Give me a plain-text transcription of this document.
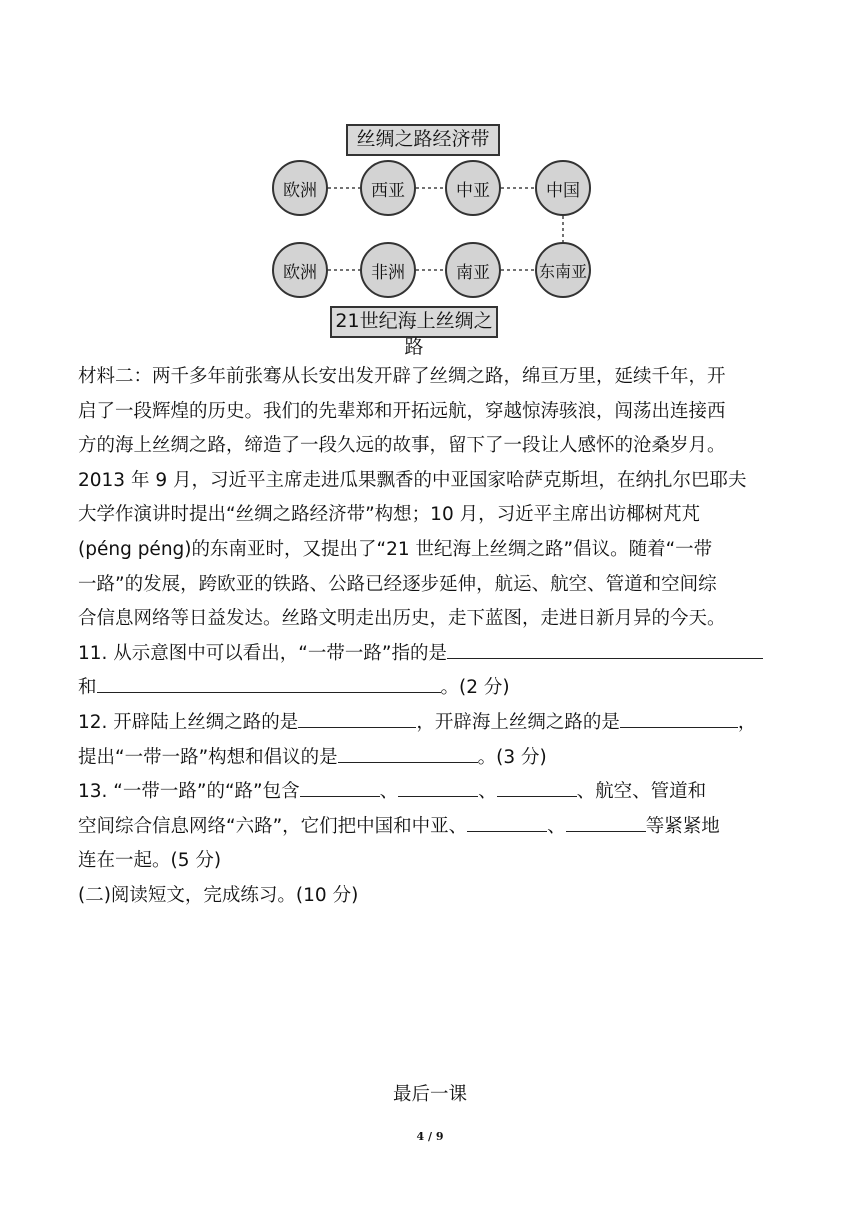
丝绸之路经济带
欧洲	西亚	中亚	中国
欧洲	非洲	南亚	东南亚
21世纪海上丝绸之路

材料二：两千多年前张骞从长安出发开辟了丝绸之路，绵亘万里，延续千年，开
启了一段辉煌的历史。我们的先辈郑和开拓远航，穿越惊涛骇浪，闯荡出连接西
方的海上丝绸之路，缔造了一段久远的故事，留下了一段让人感怀的沧桑岁月。
2013 年 9 月，习近平主席走进瓜果飘香的中亚国家哈萨克斯坦，在纳扎尔巴耶夫
大学作演讲时提出“丝绸之路经济带”构想；10 月，习近平主席出访椰树芃芃
(péng péng)的东南亚时，又提出了“21 世纪海上丝绸之路”倡议。随着“一带
一路”的发展，跨欧亚的铁路、公路已经逐步延伸，航运、航空、管道和空间综
合信息网络等日益发达。丝路文明走出历史，走下蓝图，走进日新月异的今天。

11. 从示意图中可以看出，“一带一路”指的是
和	。(2 分)
12. 开辟陆上丝绸之路的是	，开辟海上丝绸之路的是	，
提出“一带一路”构想和倡议的是	。(3 分)
13. “一带一路”的“路”包含	、	、	、航空、管道和
空间综合信息网络“六路”，它们把中国和中亚、	、	等紧紧地
连在一起。(5 分)

(二)阅读短文，完成练习。(10 分)

最后一课
4 / 9
